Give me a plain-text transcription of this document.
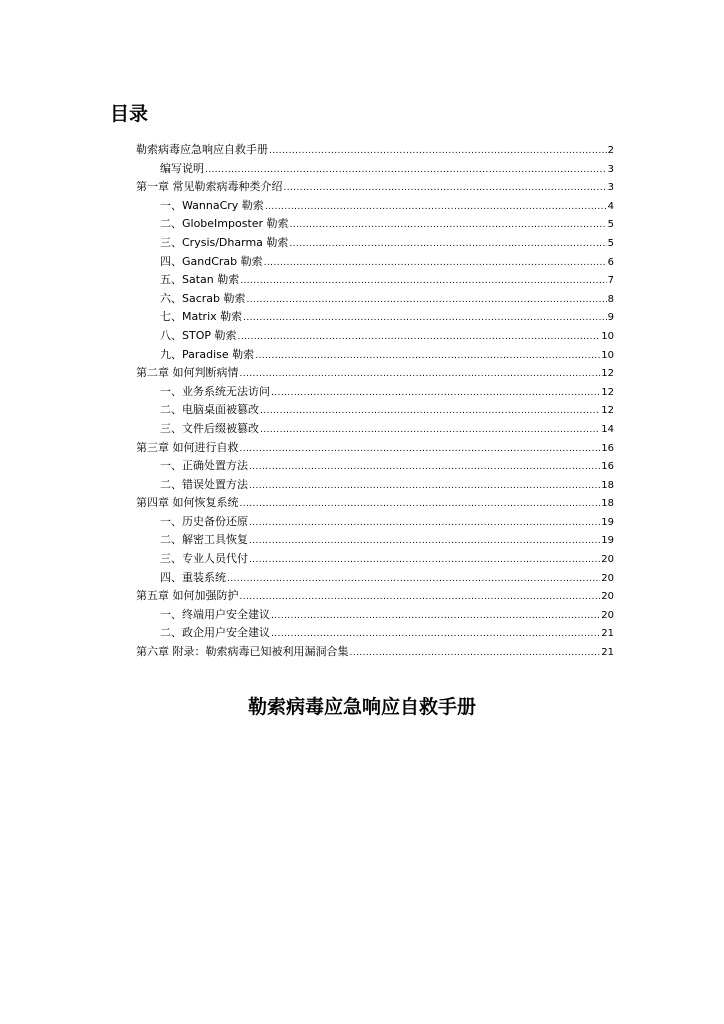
目录
勒索病毒应急响应自救手册 .....	2
编写说明 .....	3
第一章 常见勒索病毒种类介绍 .....	3
一、WannaCry 勒索 .....	4
二、GlobeImposter 勒索 .....	5
三、Crysis/Dharma 勒索 .....	5
四、GandCrab 勒索 .....	6
五、Satan 勒索 .....	7
六、Sacrab 勒索 .....	8
七、Matrix 勒索 .....	9
八、STOP 勒索 .....	10
九、Paradise 勒索 .....	10
第二章 如何判断病情 .....	12
一、业务系统无法访问 .....	12
二、电脑桌面被篡改 .....	12
三、文件后缀被篡改 .....	14
第三章 如何进行自救 .....	16
一、正确处置方法 .....	16
二、错误处置方法 .....	18
第四章 如何恢复系统 .....	18
一、历史备份还原 .....	19
二、解密工具恢复 .....	19
三、专业人员代付 .....	20
四、重装系统 .....	20
第五章 如何加强防护 .....	20
一、终端用户安全建议 .....	20
二、政企用户安全建议 .....	21
第六章 附录：勒索病毒已知被利用漏洞合集 .....	21
勒索病毒应急响应自救手册
